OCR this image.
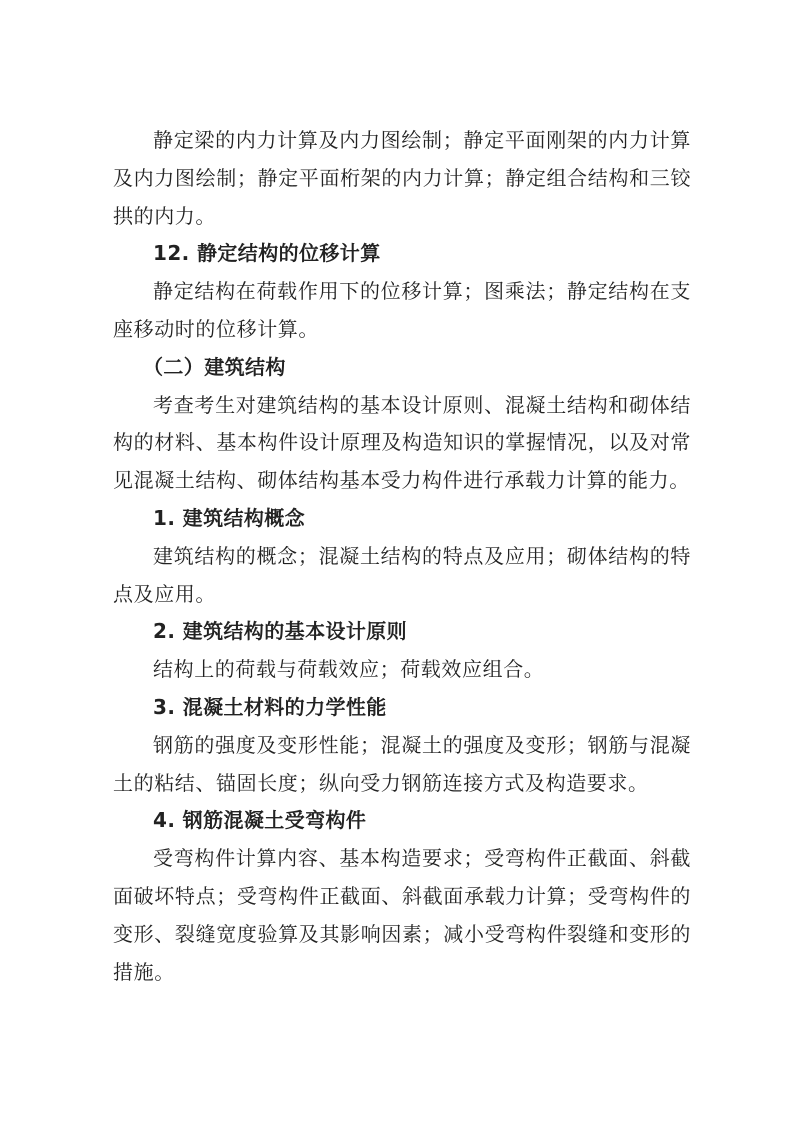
静定梁的内力计算及内力图绘制；静定平面刚架的内力计算及内力图绘制；静定平面桁架的内力计算；静定组合结构和三铰拱的内力。

12. 静定结构的位移计算

静定结构在荷载作用下的位移计算；图乘法；静定结构在支座移动时的位移计算。

（二）建筑结构

考查考生对建筑结构的基本设计原则、混凝土结构和砌体结构的材料、基本构件设计原理及构造知识的掌握情况，以及对常见混凝土结构、砌体结构基本受力构件进行承载力计算的能力。

1. 建筑结构概念

建筑结构的概念；混凝土结构的特点及应用；砌体结构的特点及应用。

2. 建筑结构的基本设计原则

结构上的荷载与荷载效应；荷载效应组合。

3. 混凝土材料的力学性能

钢筋的强度及变形性能；混凝土的强度及变形；钢筋与混凝土的粘结、锚固长度；纵向受力钢筋连接方式及构造要求。

4. 钢筋混凝土受弯构件

受弯构件计算内容、基本构造要求；受弯构件正截面、斜截面破坏特点；受弯构件正截面、斜截面承载力计算；受弯构件的变形、裂缝宽度验算及其影响因素；减小受弯构件裂缝和变形的措施。
